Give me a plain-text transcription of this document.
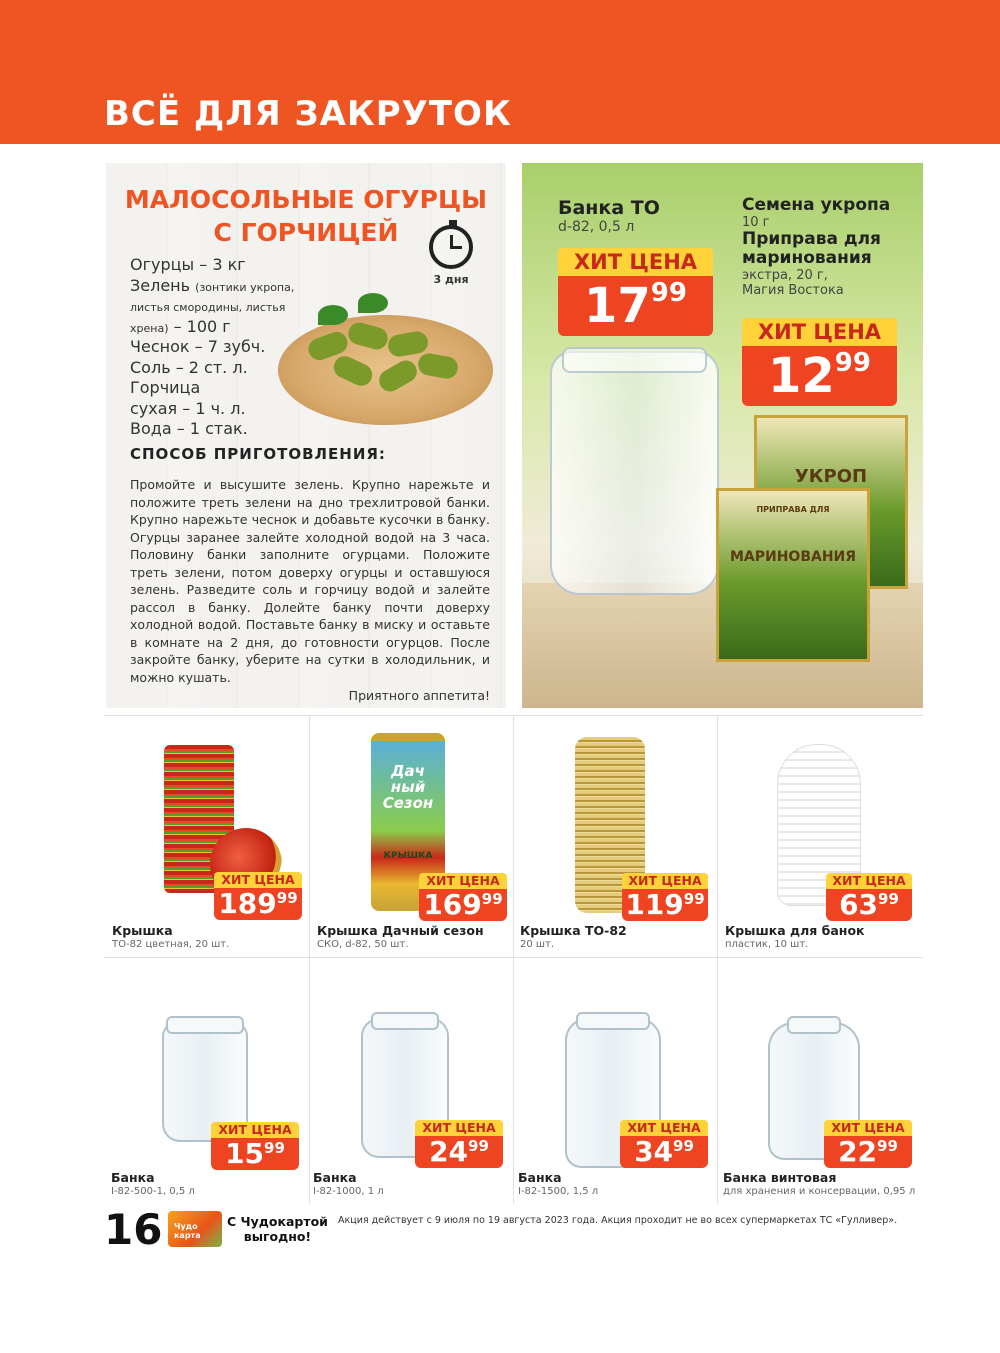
ВСЁ ДЛЯ ЗАКРУТОК
МАЛОСОЛЬНЫЕ ОГУРЦЫ
С ГОРЧИЦЕЙ
Огурцы – 3 кг
Зелень (зонтики укропа, листья смородины, листья хрена) – 100 г
Чеснок – 7 зубч.
Соль – 2 ст. л.
Горчица
сухая – 1 ч. л.
Вода – 1 стак.
3 дня
СПОСОБ ПРИГОТОВЛЕНИЯ:
Промойте и высушите зелень. Крупно нарежьте и положите треть зелени на дно трехлитровой банки. Крупно нарежьте чеснок и добавьте кусочки в банку. Огурцы заранее залейте холодной водой на 3 часа. Половину банки заполните огурцами. Положите треть зелени, потом доверху огурцы и оставшуюся зелень. Разведите соль и горчицу водой и залейте рассол в банку. Долейте банку почти доверху холодной водой. Поставьте банку в миску и оставьте в комнате на 2 дня, до готовности огурцов. После закройте банку, уберите на сутки в холодильник, и можно кушать.
Приятного аппетита!
Банка ТО
d-82, 0,5 л
ХИТ ЦЕНА
$17^{99}$
Семена укропа
10 г
Приправа для
маринования
экстра, 20 г,
Магия Востока
ХИТ ЦЕНА
$12^{99}$
УКРОП
ПРИПРАВА ДЛЯ
МАРИНОВАНИЯ
ХИТ ЦЕНА
$189^{99}$
Крышка
ТО-82 цветная, 20 шт.
Дач
ный
Сезон
КРЫШКА
ХИТ ЦЕНА
$169^{99}$
Крышка Дачный сезон
СКО, d-82, 50 шт.
ХИТ ЦЕНА
$119^{99}$
Крышка ТО-82
20 шт.
ХИТ ЦЕНА
$63^{99}$
Крышка для банок
пластик, 10 шт.
ХИТ ЦЕНА
$15^{99}$
Банка
I-82-500-1, 0,5 л
ХИТ ЦЕНА
$24^{99}$
Банка
I-82-1000, 1 л
ХИТ ЦЕНА
$34^{99}$
Банка
I-82-1500, 1,5 л
ХИТ ЦЕНА
$22^{99}$
Банка винтовая
для хранения и консервации, 0,95 л
16 Чудо карта
С Чудокартой
выгодно!
Акция действует с 9 июля по 19 августа 2023 года. Акция проходит не во всех супермаркетах ТС «Гулливер».
